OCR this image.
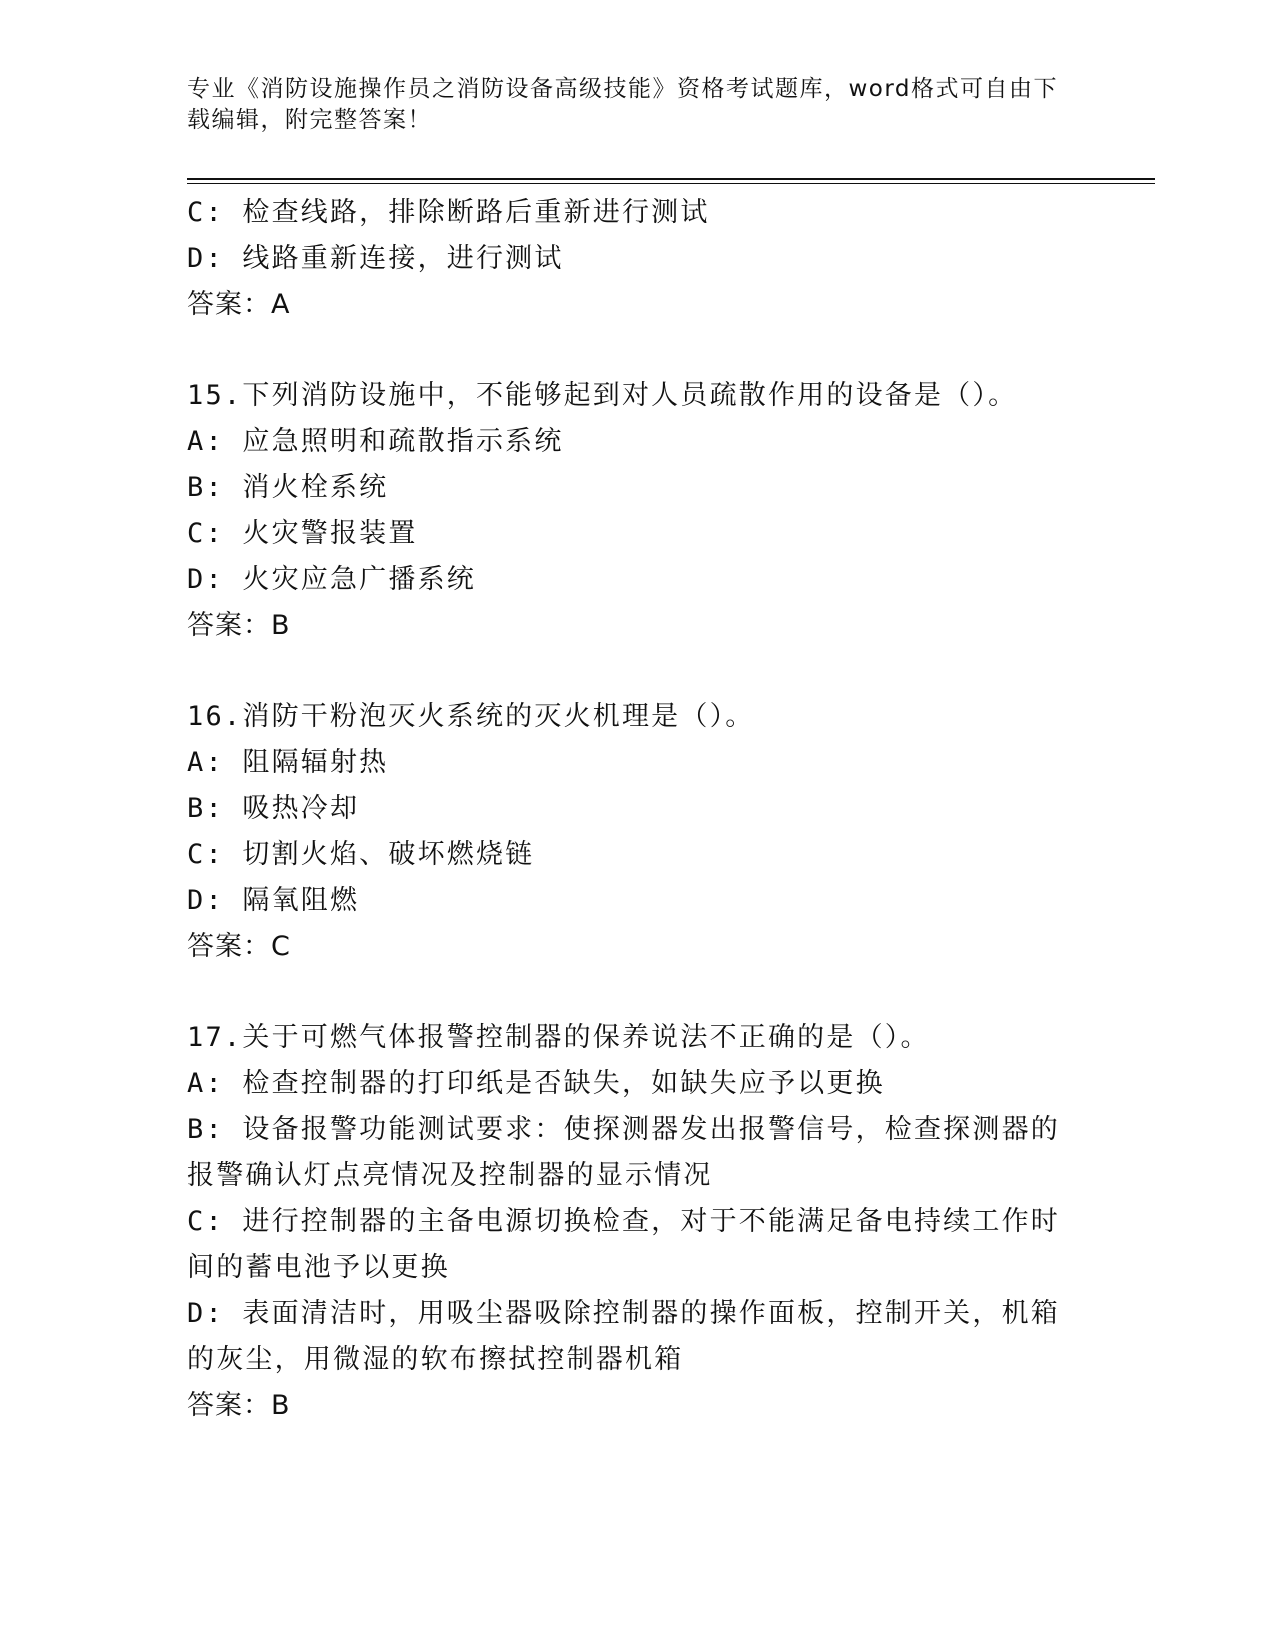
专业《消防设施操作员之消防设备高级技能》资格考试题库，word格式可自由下载编辑，附完整答案！
C: 检查线路，排除断路后重新进行测试
D: 线路重新连接，进行测试
答案：A
15.下列消防设施中，不能够起到对人员疏散作用的设备是（）。
A: 应急照明和疏散指示系统
B: 消火栓系统
C: 火灾警报装置
D: 火灾应急广播系统
答案：B
16.消防干粉泡灭火系统的灭火机理是（）。
A: 阻隔辐射热
B: 吸热冷却
C: 切割火焰、破坏燃烧链
D: 隔氧阻燃
答案：C
17.关于可燃气体报警控制器的保养说法不正确的是（）。
A: 检查控制器的打印纸是否缺失，如缺失应予以更换
B: 设备报警功能测试要求：使探测器发出报警信号，检查探测器的报警确认灯点亮情况及控制器的显示情况
C: 进行控制器的主备电源切换检查，对于不能满足备电持续工作时间的蓄电池予以更换
D: 表面清洁时，用吸尘器吸除控制器的操作面板，控制开关，机箱的灰尘，用微湿的软布擦拭控制器机箱
答案：B
